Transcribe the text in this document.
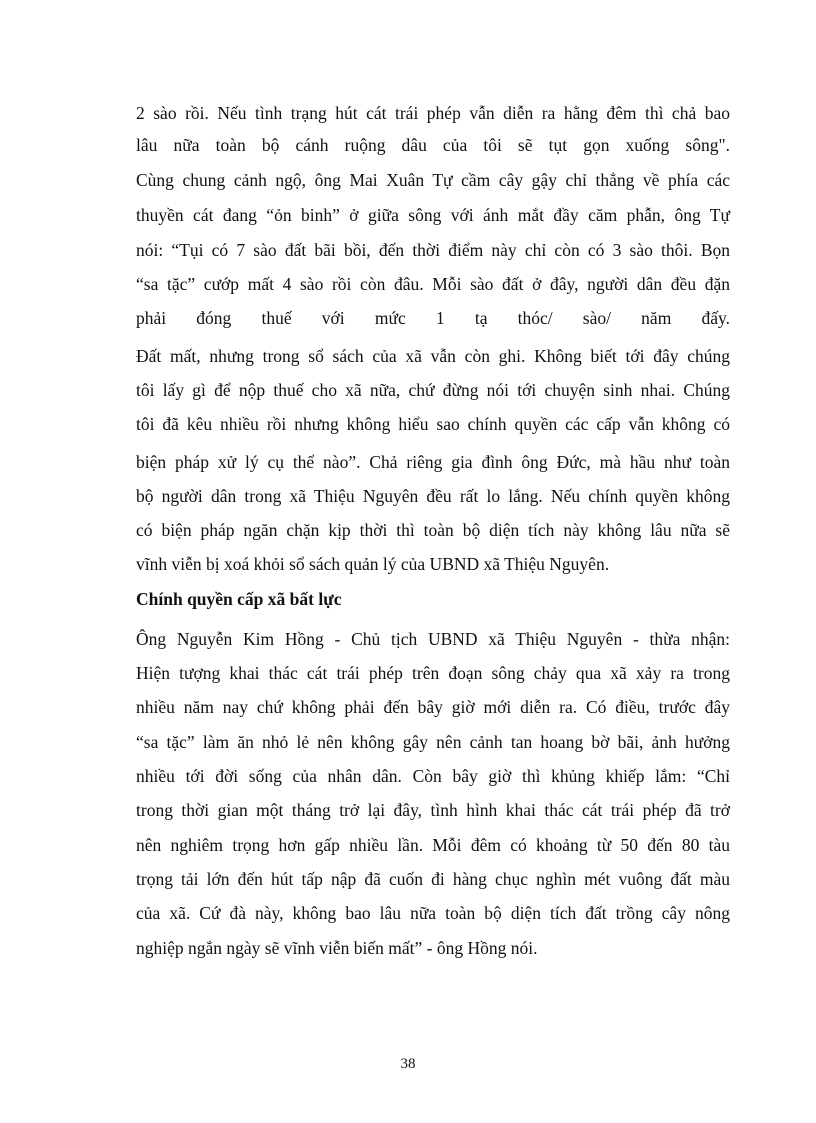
2 sào rồi. Nếu tình trạng hút cát trái phép vẫn diễn ra hằng đêm thì chả bao
lâu nữa toàn bộ cánh ruộng dâu của tôi sẽ tụt gọn xuống sông".
Cùng chung cảnh ngộ, ông Mai Xuân Tự cầm cây gậy chỉ thẳng về phía các
thuyền cát đang “ỏn binh” ở giữa sông với ánh mắt đầy căm phẫn, ông Tự
nói: “Tụi có 7 sào đất bãi bồi, đến thời điểm này chỉ còn có 3 sào thôi. Bọn
“sa tặc” cướp mất 4 sào rồi còn đâu. Mỗi sào đất ở đây, người dân đều đặn
phải đóng thuế với mức 1 tạ thóc/ sào/ năm đấy.
Đất mất, nhưng trong sổ sách của xã vẫn còn ghi. Không biết tới đây chúng
tôi lấy gì để nộp thuế cho xã nữa, chứ đừng nói tới chuyện sinh nhai. Chúng
tôi đã kêu nhiều rồi nhưng không hiểu sao chính quyền các cấp vẫn không có
biện pháp xử lý cụ thể nào”. Chả riêng gia đình ông Đức, mà hầu như toàn
bộ người dân trong xã Thiệu Nguyên đều rất lo lắng. Nếu chính quyền không
có biện pháp ngăn chặn kịp thời thì toàn bộ diện tích này không lâu nữa sẽ
vĩnh viễn bị xoá khỏi sổ sách quản lý của UBND xã Thiệu Nguyên.
Chính quyền cấp xã bất lực
Ông Nguyễn Kim Hồng - Chủ tịch UBND xã Thiệu Nguyên - thừa nhận:
Hiện tượng khai thác cát trái phép trên đoạn sông chảy qua xã xảy ra trong
nhiều năm nay chứ không phải đến bây giờ mới diễn ra. Có điều, trước đây
“sa tặc” làm ăn nhỏ lẻ nên không gây nên cảnh tan hoang bờ bãi, ảnh hưởng
nhiều tới đời sống của nhân dân. Còn bây giờ thì khủng khiếp lắm: “Chỉ
trong thời gian một tháng trở lại đây, tình hình khai thác cát trái phép đã trở
nên nghiêm trọng hơn gấp nhiều lần. Mỗi đêm có khoảng từ 50 đến 80 tàu
trọng tải lớn đến hút tấp nập đã cuốn đi hàng chục nghìn mét vuông đất màu
của xã. Cứ đà này, không bao lâu nữa toàn bộ diện tích đất trồng cây nông
nghiệp ngắn ngày sẽ vĩnh viễn biến mất” - ông Hồng nói.
38
